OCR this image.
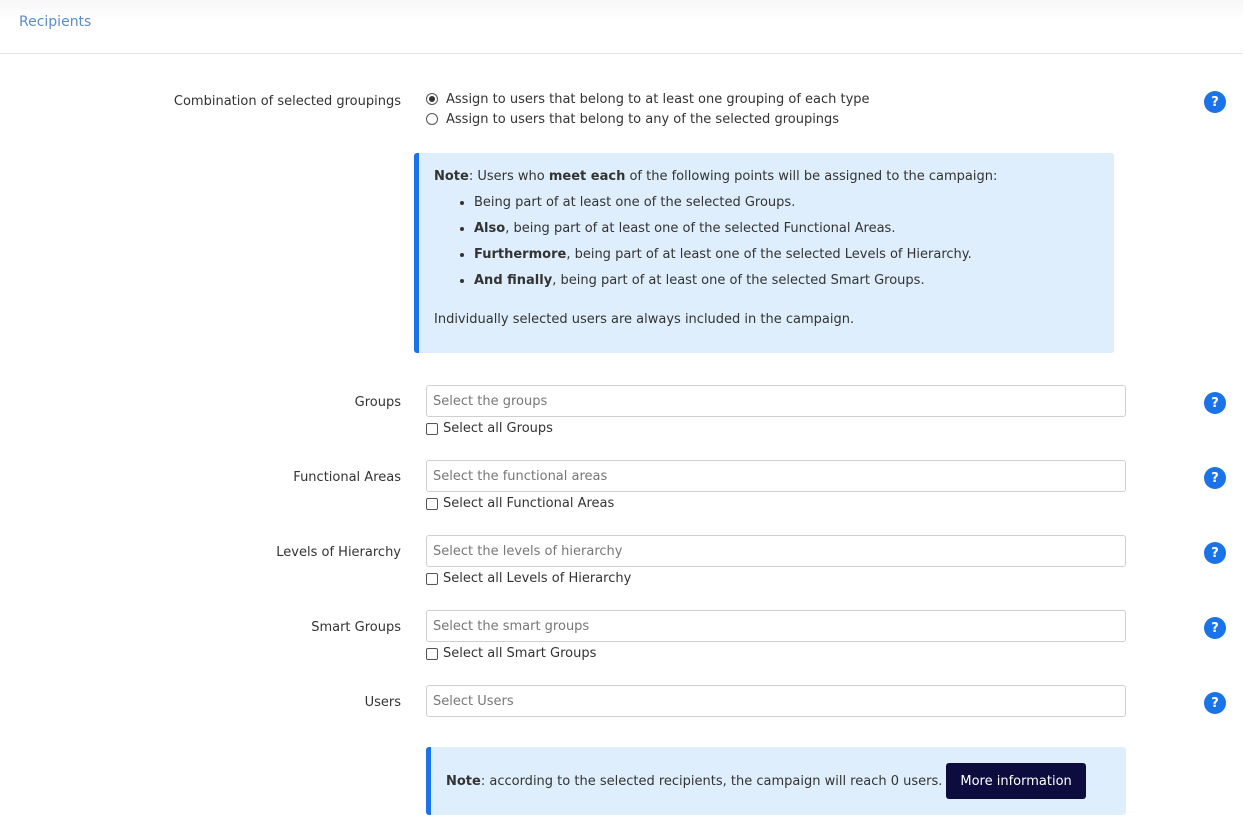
Recipients
Combination of selected groupings	Assign to users that belong to at least one grouping of each type
Assign to users that belong to any of the selected groupings
?
Note: Users who meet each of the following points will be assigned to the campaign:
• Being part of at least one of the selected Groups.
• Also, being part of at least one of the selected Functional Areas.
• Furthermore, being part of at least one of the selected Levels of Hierarchy.
• And finally, being part of at least one of the selected Smart Groups.
Individually selected users are always included in the campaign.
Groups
Select the groups
Select all Groups
?
Functional Areas
Select the functional areas
Select all Functional Areas
?
Levels of Hierarchy
Select the levels of hierarchy
Select all Levels of Hierarchy
?
Smart Groups
Select the smart groups
Select all Smart Groups
?
Users
Select Users	?
Note : according to the selected recipients, the campaign will reach 0 users.	More information
